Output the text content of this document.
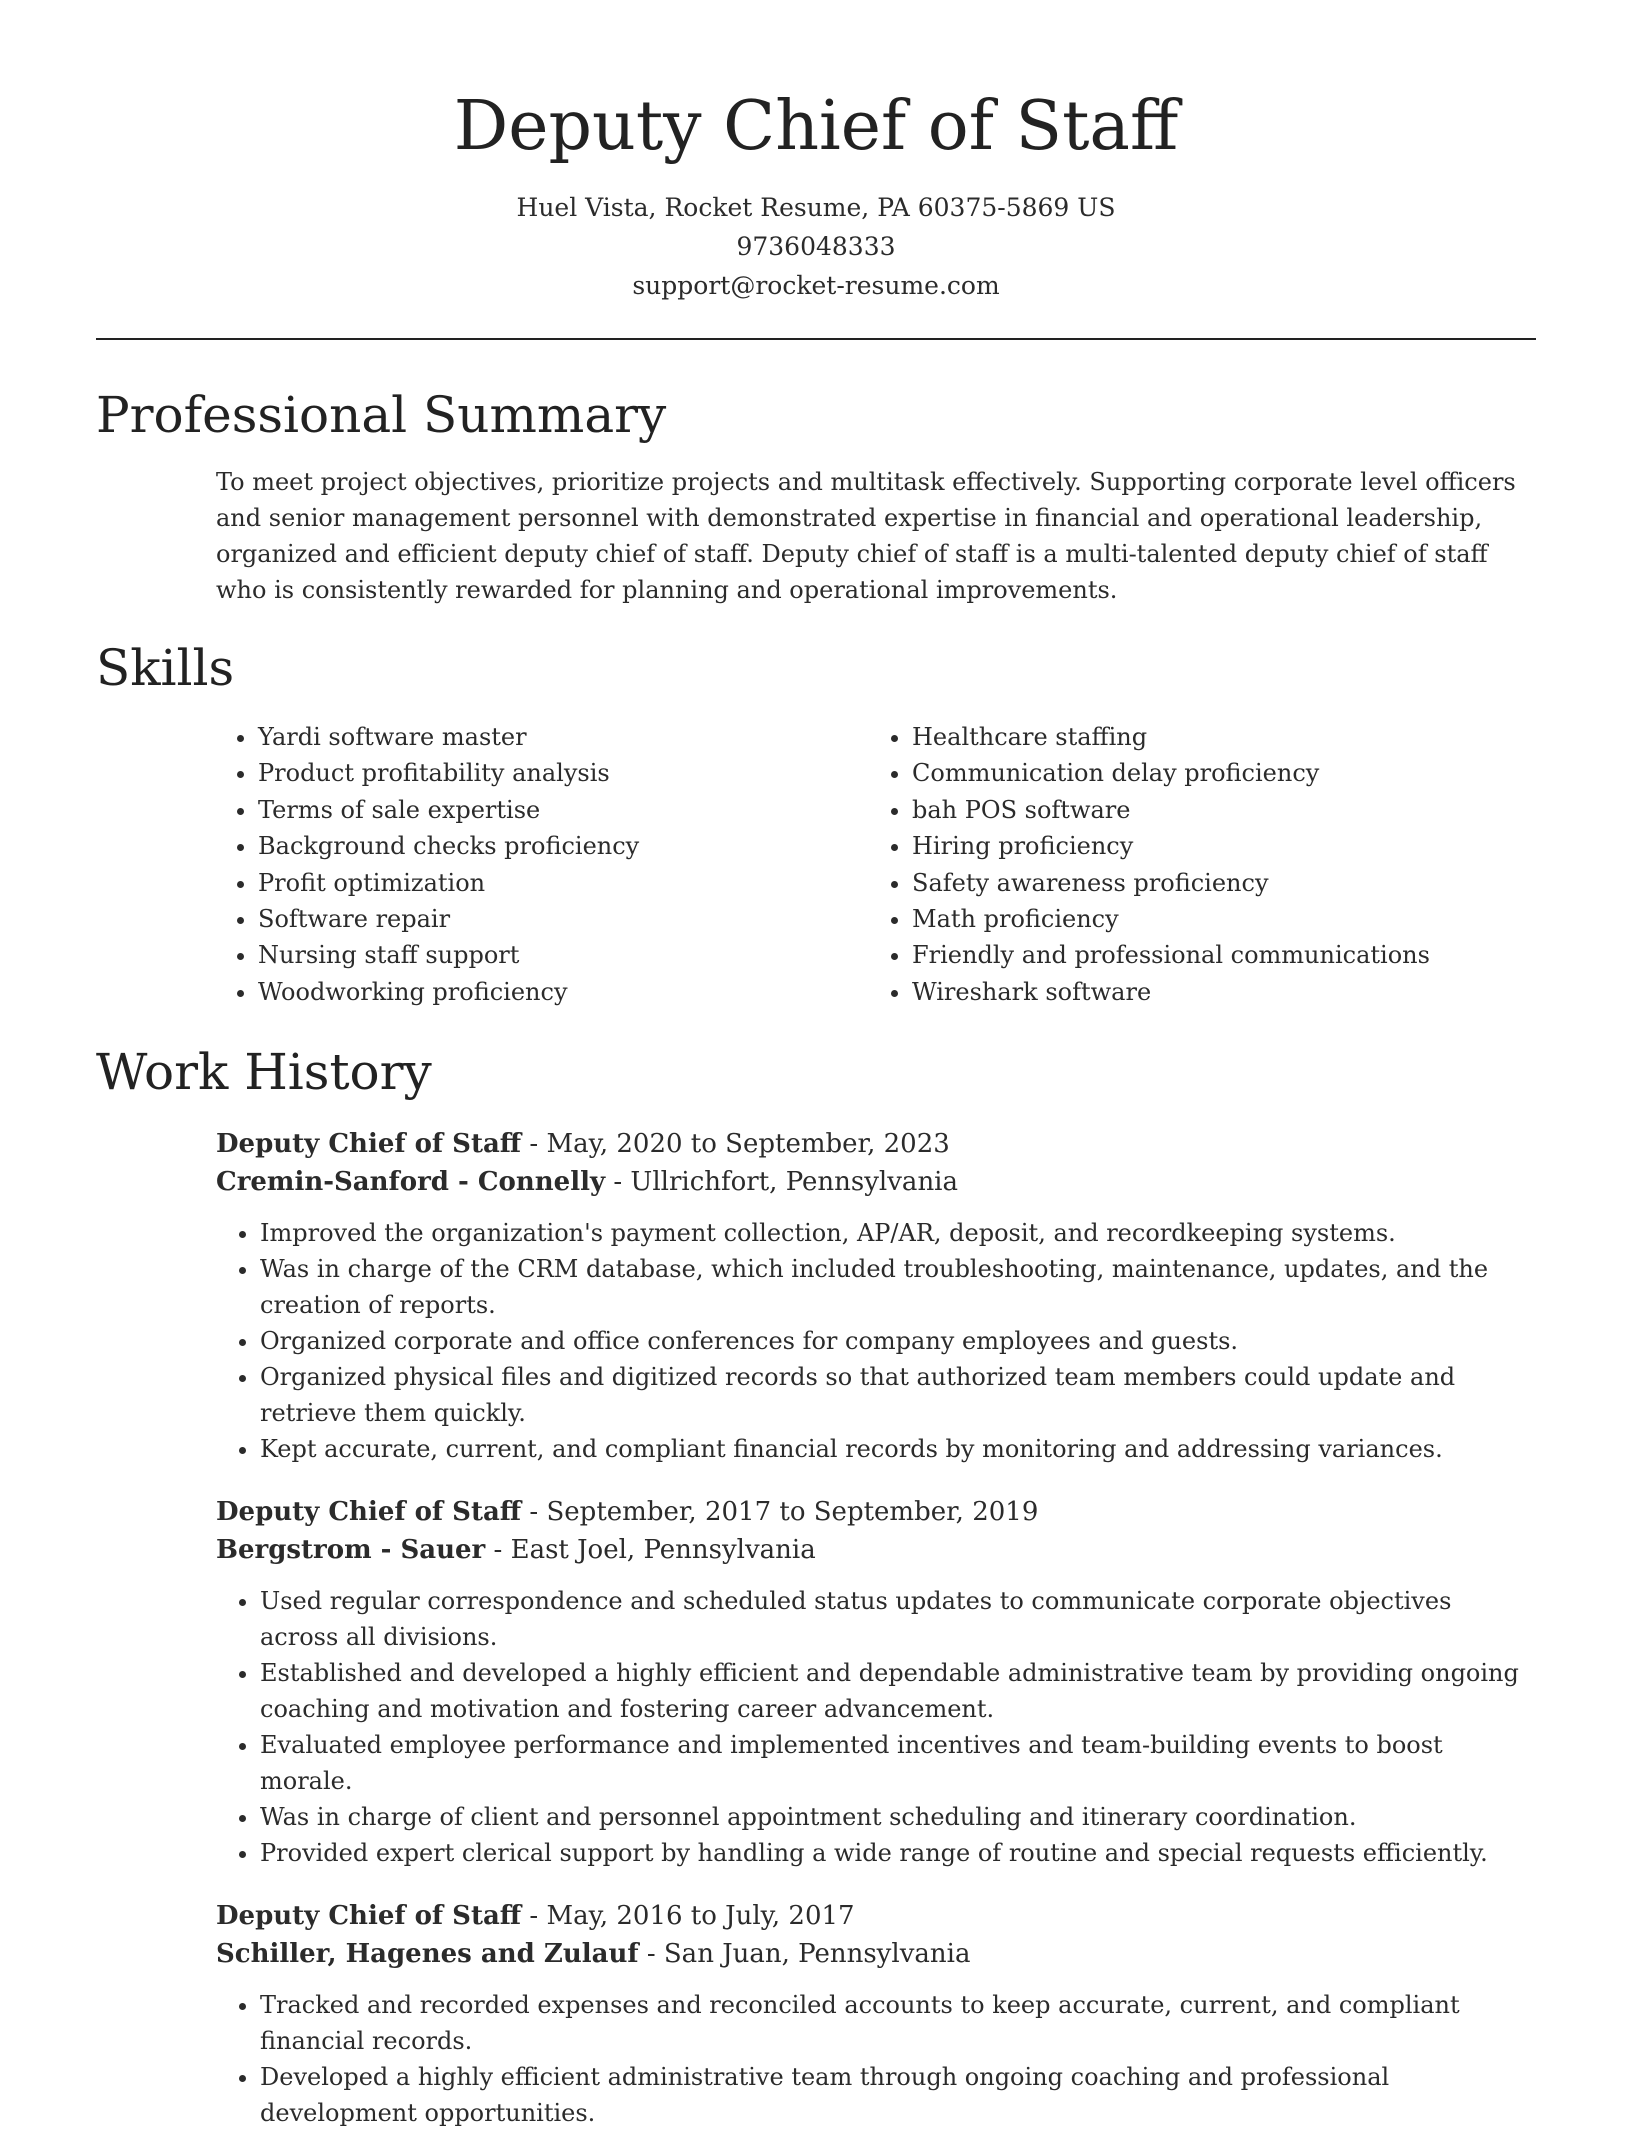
Deputy Chief of Staff
Huel Vista, Rocket Resume, PA 60375-5869 US
9736048333
support@rocket-resume.com
Professional Summary

To meet project objectives, prioritize projects and multitask effectively. Supporting corporate level officers and senior management personnel with demonstrated expertise in financial and operational leadership, organized and efficient deputy chief of staff. Deputy chief of staff is a multi-talented deputy chief of staff who is consistently rewarded for planning and operational improvements.

Skills
• Yardi software master
• Product profitability analysis
• Terms of sale expertise
• Background checks proficiency
• Profit optimization
• Software repair
• Nursing staff support
• Woodworking proficiency
• Healthcare staffing
• Communication delay proficiency
• bah POS software
• Hiring proficiency
• Safety awareness proficiency
• Math proficiency
• Friendly and professional communications
• Wireshark software
Work History
Deputy Chief of Staff - May, 2020 to September, 2023
Cremin-Sanford - Connelly - Ullrichfort, Pennsylvania
• Improved the organization's payment collection, AP/AR, deposit, and recordkeeping systems.
• Was in charge of the CRM database, which included troubleshooting, maintenance, updates, and the creation of reports.
• Organized corporate and office conferences for company employees and guests.
• Organized physical files and digitized records so that authorized team members could update and retrieve them quickly.
• Kept accurate, current, and compliant financial records by monitoring and addressing variances.
Deputy Chief of Staff - September, 2017 to September, 2019
Bergstrom - Sauer - East Joel, Pennsylvania
• Used regular correspondence and scheduled status updates to communicate corporate objectives across all divisions.
• Established and developed a highly efficient and dependable administrative team by providing ongoing coaching and motivation and fostering career advancement.
• Evaluated employee performance and implemented incentives and team-building events to boost morale.
• Was in charge of client and personnel appointment scheduling and itinerary coordination.
• Provided expert clerical support by handling a wide range of routine and special requests efficiently.
Deputy Chief of Staff - May, 2016 to July, 2017
Schiller, Hagenes and Zulauf - San Juan, Pennsylvania
• Tracked and recorded expenses and reconciled accounts to keep accurate, current, and compliant financial records.
• Developed a highly efficient administrative team through ongoing coaching and professional development opportunities.
